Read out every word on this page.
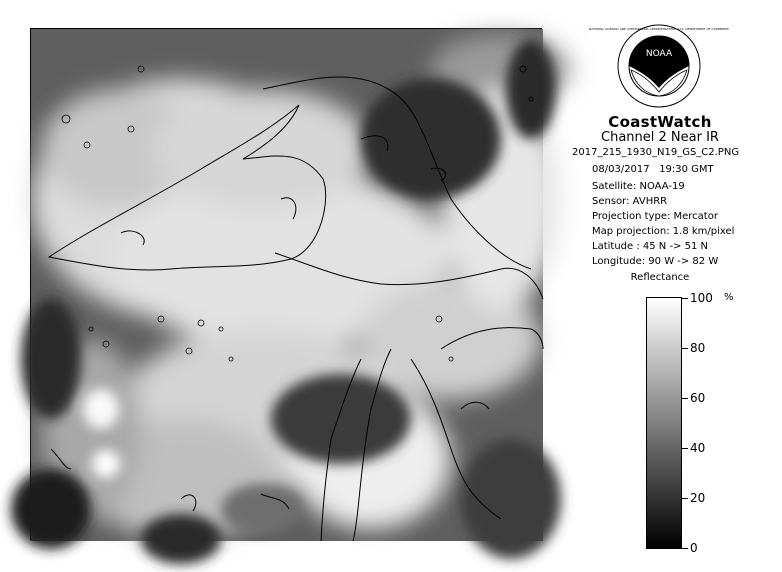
NOAA
NATIONAL OCEANIC AND ATMOSPHERIC ADMINISTRATION · U.S. DEPARTMENT OF COMMERCE
CoastWatch
Channel 2 Near IR
2017_215_1930_N19_GS_C2.PNG
08/03/2017 19:30 GMT
Satellite: NOAA-19
Sensor: AVHRR
Projection type: Mercator
Map projection: 1.8 km/pixel
Latitude : 45 N -> 51 N
Longitude: 90 W -> 82 W
Reflectance
%
100
80
60
40
20
0
